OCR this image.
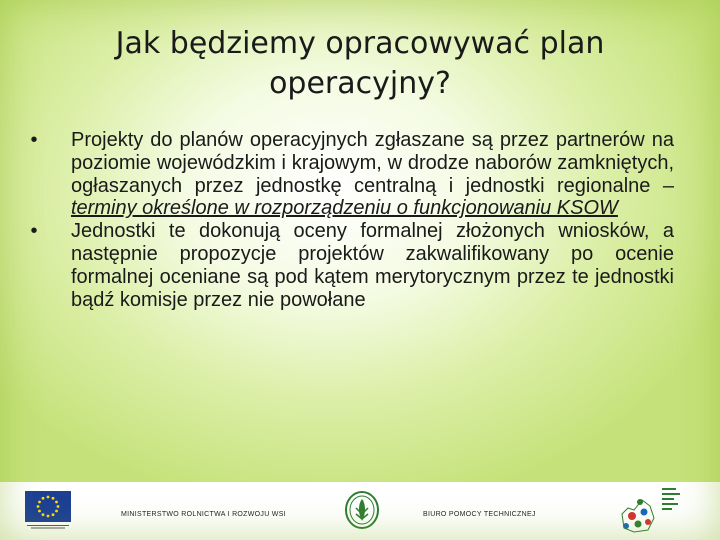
Jak będziemy opracowywać plan operacyjny?
•	Projekty do planów operacyjnych zgłaszane są przez partnerów na poziomie wojewódzkim i krajowym, w drodze naborów zamkniętych, ogłaszanych przez jednostkę centralną i jednostki regionalne – terminy określone w rozporządzeniu o funkcjonowaniu KSOW
•	Jednostki te dokonują oceny formalnej złożonych wniosków, a następnie propozycje projektów zakwalifikowany po ocenie formalnej oceniane są pod kątem merytorycznym przez te jednostki bądź komisje przez nie powołane
MINISTERSTWO ROLNICTWA I ROZWOJU WSI	BIURO POMOCY TECHNICZNEJ
